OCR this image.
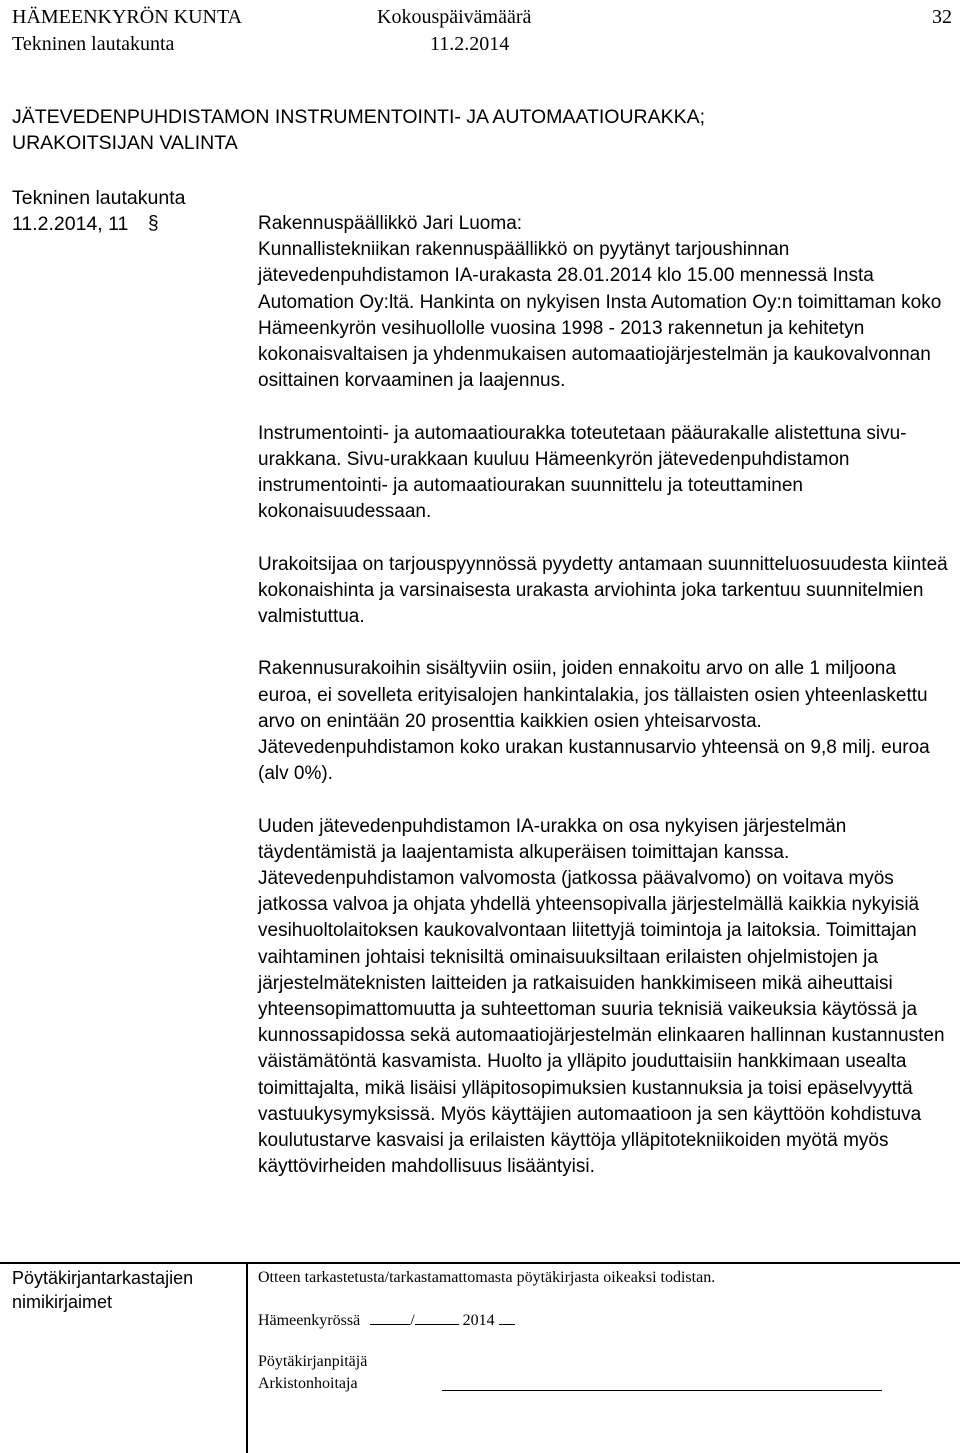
HÄMEENKYRÖN KUNTA	Kokouspäivämäärä	32
Tekninen lautakunta	11.2.2014
JÄTEVEDENPUHDISTAMON INSTRUMENTOINTI- JA AUTOMAATIOURAKKA;
URAKOITSIJAN VALINTA
Tekninen lautakunta
11.2.2014, 11 §	Rakennuspäällikkö Jari Luoma:

Kunnallistekniikan rakennuspäällikkö on pyytänyt tarjoushinnan jätevedenpuhdistamon IA-urakasta 28.01.2014 klo 15.00 mennessä Insta Automation Oy:ltä. Hankinta on nykyisen Insta Automation Oy:n toimittaman koko Hämeenkyrön vesihuollolle vuosina 1998 - 2013 rakennetun ja kehitetyn kokonaisvaltaisen ja yhdenmukaisen automaatiojärjestelmän ja kaukovalvonnan osittainen korvaaminen ja laajennus.

Instrumentointi- ja automaatiourakka toteutetaan pääurakalle alistettuna sivu-urakkana. Sivu-urakkaan kuuluu Hämeenkyrön jätevedenpuhdistamon instrumentointi- ja automaatiourakan suunnittelu ja toteuttaminen kokonaisuudessaan.

Urakoitsijaa on tarjouspyynnössä pyydetty antamaan suunnitteluosuudesta kiinteä kokonaishinta ja varsinaisesta urakasta arviohinta joka tarkentuu suunnitelmien valmistuttua.

Rakennusurakoihin sisältyviin osiin, joiden ennakoitu arvo on alle 1 miljoona euroa, ei sovelleta erityisalojen hankintalakia, jos tällaisten osien yhteenlaskettu arvo on enintään 20 prosenttia kaikkien osien yhteisarvosta. Jätevedenpuhdistamon koko urakan kustannusarvio yhteensä on 9,8 milj. euroa (alv 0%).

Uuden jätevedenpuhdistamon IA-urakka on osa nykyisen järjestelmän täydentämistä ja laajentamista alkuperäisen toimittajan kanssa. Jätevedenpuhdistamon valvomosta (jatkossa päävalvomo) on voitava myös jatkossa valvoa ja ohjata yhdellä yhteensopivalla järjestelmällä kaikkia nykyisiä vesihuoltolaitoksen kaukovalvontaan liitettyjä toimintoja ja laitoksia. Toimittajan vaihtaminen johtaisi teknisiltä ominaisuuksiltaan erilaisten ohjelmistojen ja järjestelmäteknisten laitteiden ja ratkaisuiden hankkimiseen mikä aiheuttaisi yhteensopimattomuutta ja suhteettoman suuria teknisiä vaikeuksia käytössä ja kunnossapidossa sekä automaatiojärjestelmän elinkaaren hallinnan kustannusten väistämätöntä kasvamista. Huolto ja ylläpito jouduttaisiin hankkimaan usealta toimittajalta, mikä lisäisi ylläpitosopimuksien kustannuksia ja toisi epäselvyyttä vastuukysymyksissä. Myös käyttäjien automaatioon ja sen käyttöön kohdistuva koulutustarve kasvaisi ja erilaisten käyttöja ylläpitotekniikoiden myötä myös käyttövirheiden mahdollisuus lisääntyisi.

Pöytäkirjantarkastajien
nimikirjaimet
Otteen tarkastetusta/tarkastamattomasta pöytäkirjasta oikeaksi todistan.
Hämeenkyrössä	/	2014
Pöytäkirjanpitäjä
Arkistonhoitaja
